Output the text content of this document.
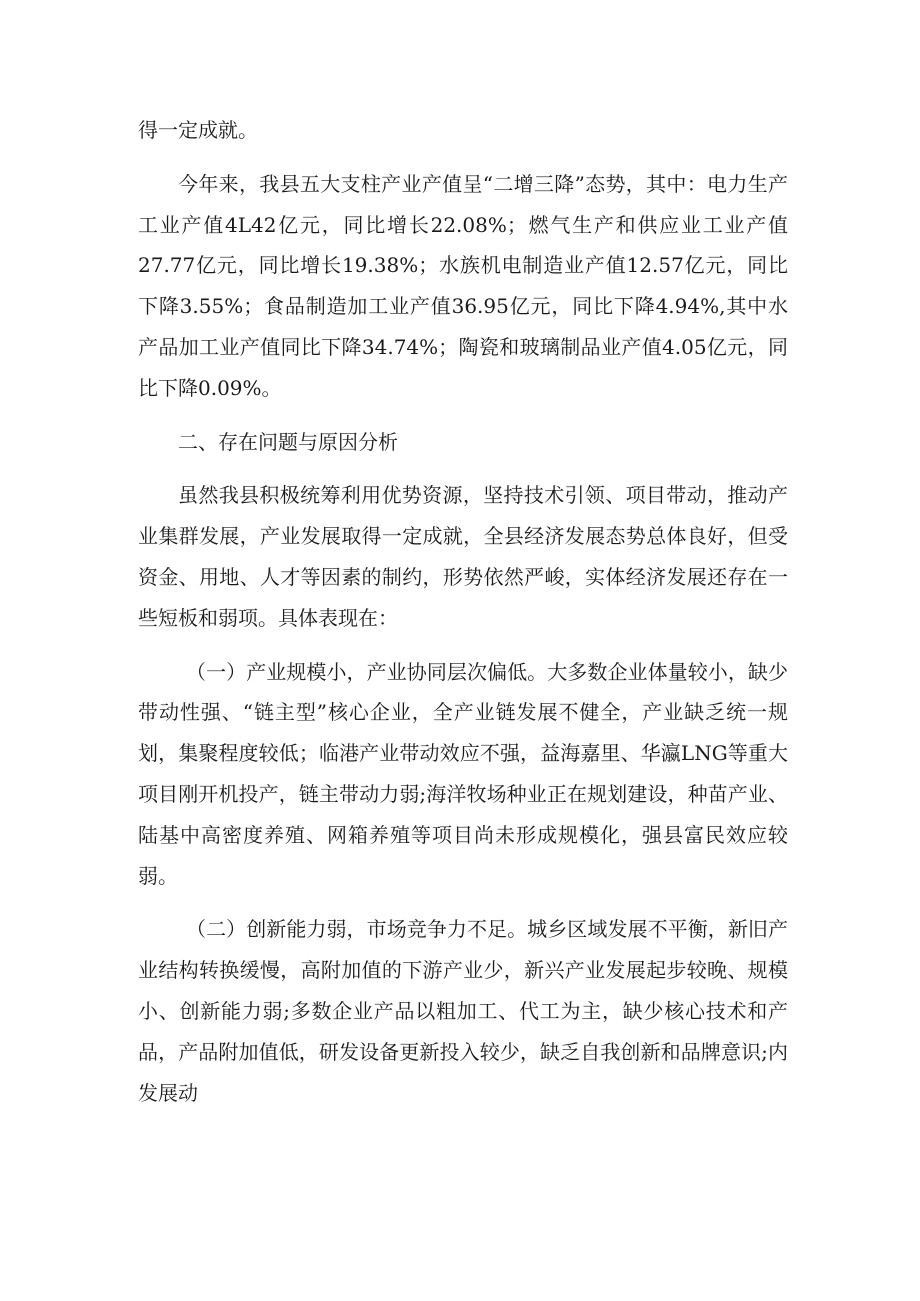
得一定成就。

今年来，我县五大支柱产业产值呈“二增三降”态势，其中：电力生产工业产值4L42亿元，同比增长22.08%；燃气生产和供应业工业产值27.77亿元，同比增长19.38%；水族机电制造业产值12.57亿元，同比下降3.55%；食品制造加工业产值36.95亿元，同比下降4.94%,其中水产品加工业产值同比下降34.74%；陶瓷和玻璃制品业产值4.05亿元，同比下降0.09%。

二、存在问题与原因分析

虽然我县积极统筹利用优势资源，坚持技术引领、项目带动，推动产业集群发展，产业发展取得一定成就，全县经济发展态势总体良好，但受资金、用地、人才等因素的制约，形势依然严峻，实体经济发展还存在一些短板和弱项。具体表现在：

（一）产业规模小，产业协同层次偏低。大多数企业体量较小，缺少带动性强、“链主型”核心企业，全产业链发展不健全，产业缺乏统一规划，集聚程度较低；临港产业带动效应不强，益海嘉里、华瀛LNG等重大项目刚开机投产，链主带动力弱;海洋牧场种业正在规划建设，种苗产业、陆基中高密度养殖、网箱养殖等项目尚未形成规模化，强县富民效应较弱。

（二）创新能力弱，市场竞争力不足。城乡区域发展不平衡，新旧产业结构转换缓慢，高附加值的下游产业少，新兴产业发展起步较晚、规模小、创新能力弱;多数企业产品以粗加工、代工为主，缺少核心技术和产品，产品附加值低，研发设备更新投入较少，缺乏自我创新和品牌意识;内发展动
